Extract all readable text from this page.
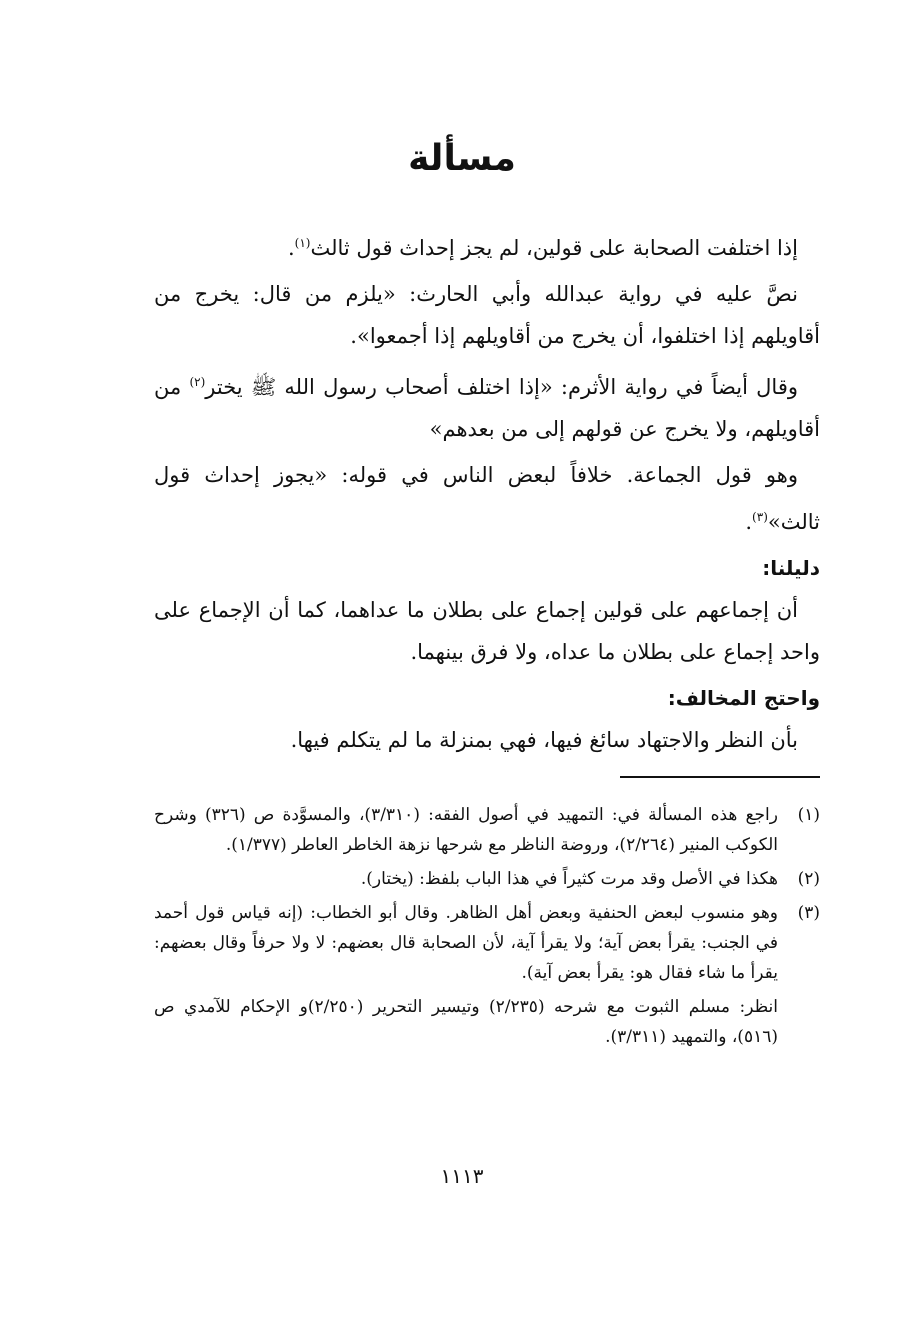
مسألة

إذا اختلفت الصحابة على قولين، لم يجز إحداث قول ثالث$^{(١)}$.

نصَّ عليه في رواية عبدالله وأبي الحارث: «يلزم من قال: يخرج من أقاويلهم إذا اختلفوا، أن يخرج من أقاويلهم إذا أجمعوا».

وقال أيضاً في رواية الأثرم: «إذا اختلف أصحاب رسول الله ﷺ يختر$^{(٢)}$ من أقاويلهم، ولا يخرج عن قولهم إلى من بعدهم»

وهو قول الجماعة. خلافاً لبعض الناس في قوله: «يجوز إحداث قول ثالث»$^{(٣)}$.

دليلنا:

أن إجماعهم على قولين إجماع على بطلان ما عداهما، كما أن الإجماع على واحد إجماع على بطلان ما عداه، ولا فرق بينهما.

واحتج المخالف:

بأن النظر والاجتهاد سائغ فيها، فهي بمنزلة ما لم يتكلم فيها.

(١)
راجع هذه المسألة في: التمهيد في أصول الفقه: (٣/٣١٠)، والمسوَّدة ص (٣٢٦) وشرح الكوكب المنير (٢/٢٦٤)، وروضة الناظر مع شرحها نزهة الخاطر العاطر (١/٣٧٧).
(٢)
هكذا في الأصل وقد مرت كثيراً في هذا الباب بلفظ: (يختار).
(٣)
وهو منسوب لبعض الحنفية وبعض أهل الظاهر. وقال أبو الخطاب: (إنه قياس قول أحمد في الجنب: يقرأ بعض آية؛ ولا يقرأ آية، لأن الصحابة قال بعضهم: لا ولا حرفاً وقال بعضهم: يقرأ ما شاء فقال هو: يقرأ بعض آية).
انظر: مسلم الثبوت مع شرحه (٢/٢٣٥) وتيسير التحرير (٢/٢٥٠)و الإحكام للآمدي ص (٥١٦)، والتمهيد (٣/٣١١).
١١١٣
